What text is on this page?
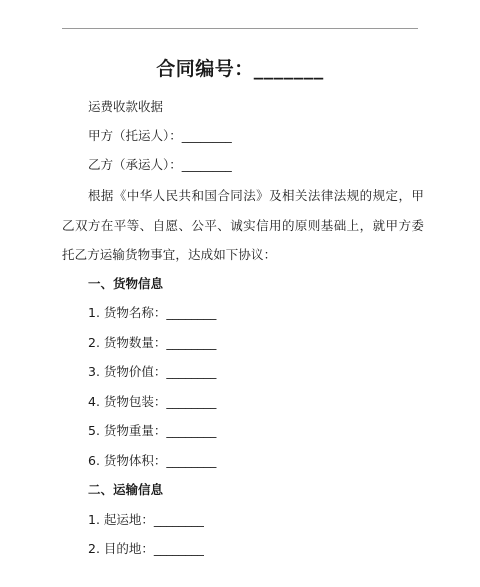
合同编号：_______
运费收款收据
甲方（托运人）：________
乙方（承运人）：________
根据《中华人民共和国合同法》及相关法律法规的规定，甲乙双方在平等、自愿、公平、诚实信用的原则基础上，就甲方委托乙方运输货物事宜，达成如下协议：
一、货物信息
1. 货物名称：________
2. 货物数量：________
3. 货物价值：________
4. 货物包装：________
5. 货物重量：________
6. 货物体积：________
二、运输信息
1. 起运地：________
2. 目的地：________
